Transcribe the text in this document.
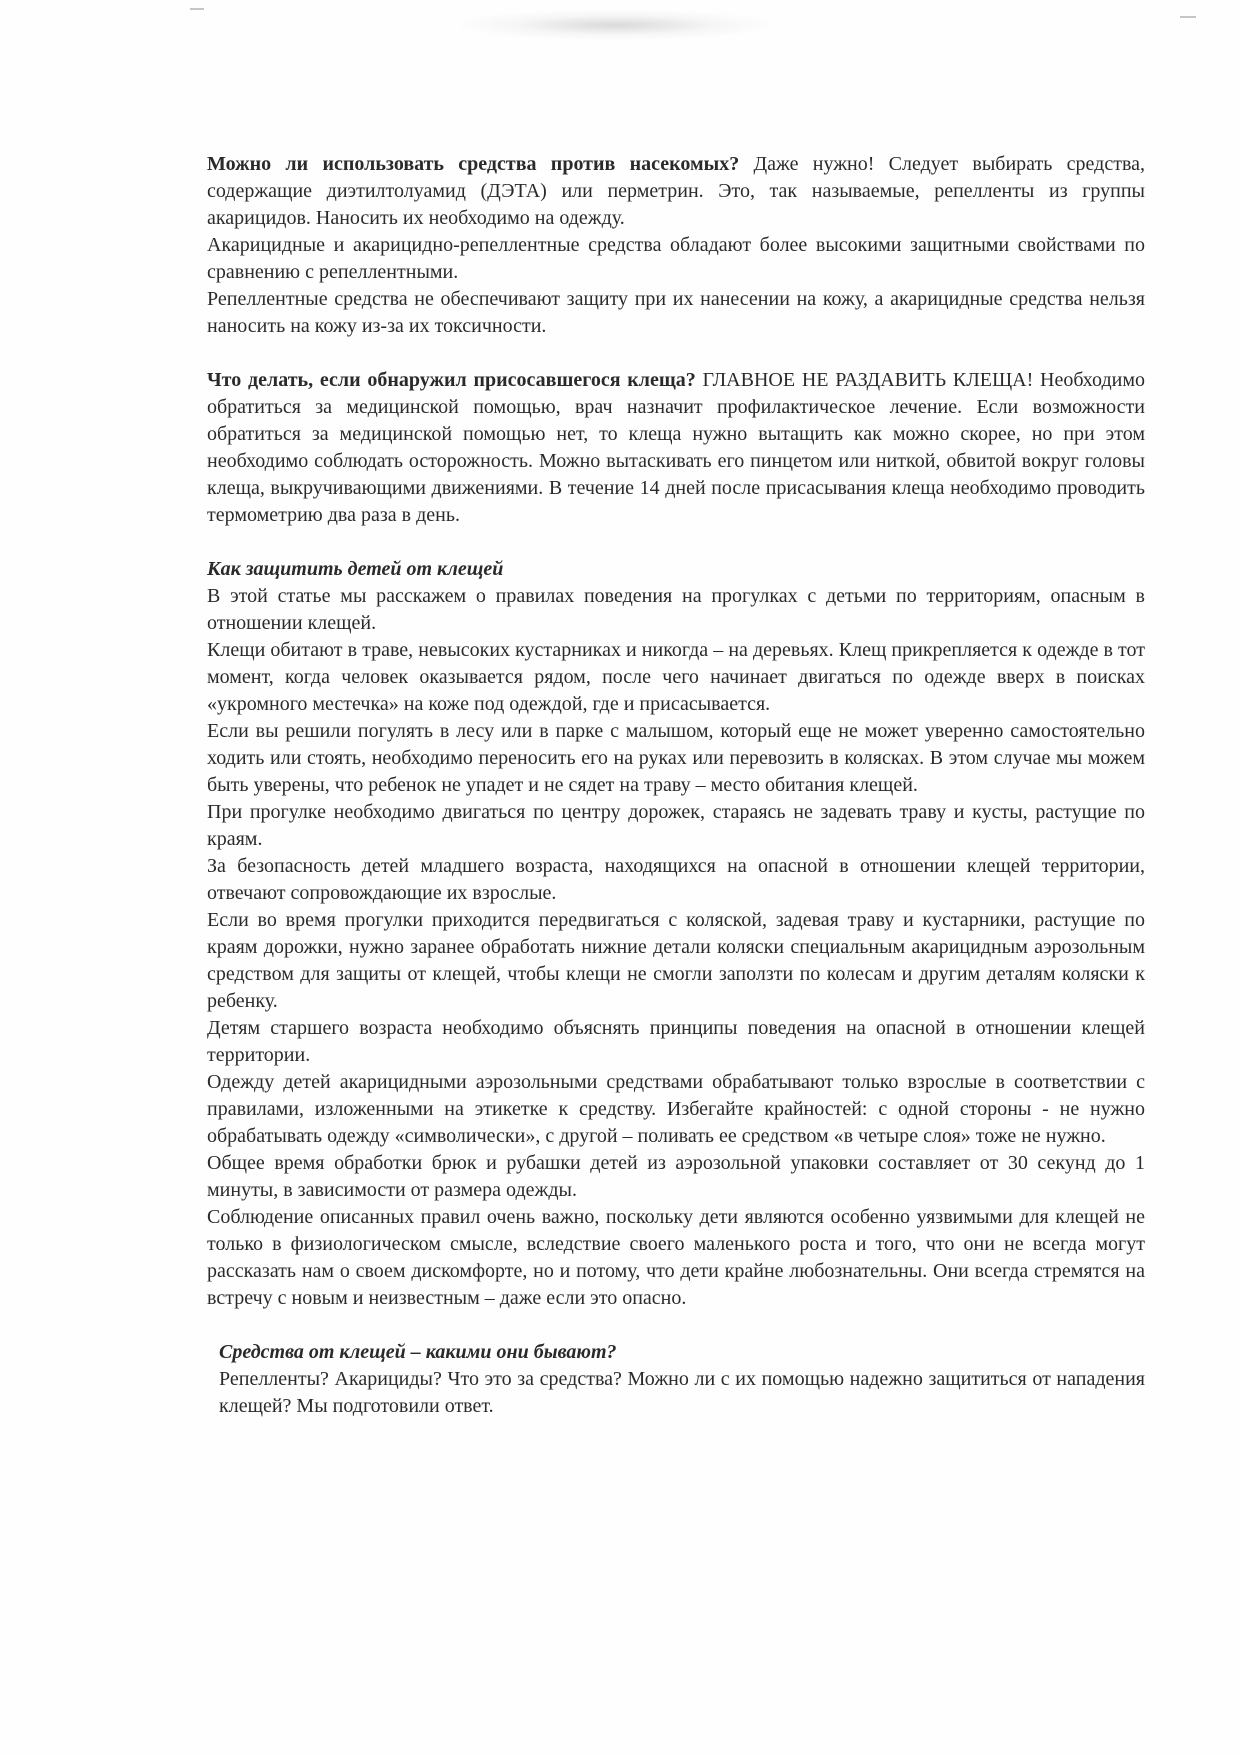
Можно ли использовать средства против насекомых? Даже нужно! Следует выбирать средства, содержащие диэтилтолуамид (ДЭТА) или перметрин. Это, так называемые, репелленты из группы акарицидов. Наносить их необходимо на одежду.

Акарицидные и акарицидно-репеллентные средства обладают более высокими защитными свойствами по сравнению с репеллентными.

Репеллентные средства не обеспечивают защиту при их нанесении на кожу, а акарицидные средства нельзя наносить на кожу из-за их токсичности.

Что делать, если обнаружил присосавшегося клеща? ГЛАВНОЕ НЕ РАЗДАВИТЬ КЛЕЩА! Необходимо обратиться за медицинской помощью, врач назначит профилактическое лечение. Если возможности обратиться за медицинской помощью нет, то клеща нужно вытащить как можно скорее, но при этом необходимо соблюдать осторожность. Можно вытаскивать его пинцетом или ниткой, обвитой вокруг головы клеща, выкручивающими движениями. В течение 14 дней после присасывания клеща необходимо проводить термометрию два раза в день.

Как защитить детей от клещей

В этой статье мы расскажем о правилах поведения на прогулках с детьми по территориям, опасным в отношении клещей.

Клещи обитают в траве, невысоких кустарниках и никогда – на деревьях. Клещ прикрепляется к одежде в тот момент, когда человек оказывается рядом, после чего начинает двигаться по одежде вверх в поисках «укромного местечка» на коже под одеждой, где и присасывается.

Если вы решили погулять в лесу или в парке с малышом, который еще не может уверенно самостоятельно ходить или стоять, необходимо переносить его на руках или перевозить в колясках. В этом случае мы можем быть уверены, что ребенок не упадет и не сядет на траву – место обитания клещей.

При прогулке необходимо двигаться по центру дорожек, стараясь не задевать траву и кусты, растущие по краям.

За безопасность детей младшего возраста, находящихся на опасной в отношении клещей территории, отвечают сопровождающие их взрослые.

Если во время прогулки приходится передвигаться с коляской, задевая траву и кустарники, растущие по краям дорожки, нужно заранее обработать нижние детали коляски специальным акарицидным аэрозольным средством для защиты от клещей, чтобы клещи не смогли заползти по колесам и другим деталям коляски к ребенку.

Детям старшего возраста необходимо объяснять принципы поведения на опасной в отношении клещей территории.

Одежду детей акарицидными аэрозольными средствами обрабатывают только взрослые в соответствии с правилами, изложенными на этикетке к средству. Избегайте крайностей: с одной стороны - не нужно обрабатывать одежду «символически», с другой – поливать ее средством «в четыре слоя» тоже не нужно.

Общее время обработки брюк и рубашки детей из аэрозольной упаковки составляет от 30 секунд до 1 минуты, в зависимости от размера одежды.

Соблюдение описанных правил очень важно, поскольку дети являются особенно уязвимыми для клещей не только в физиологическом смысле, вследствие своего маленького роста и того, что они не всегда могут рассказать нам о своем дискомфорте, но и потому, что дети крайне любознательны. Они всегда стремятся на встречу с новым и неизвестным – даже если это опасно.

Средства от клещей – какими они бывают?

Репелленты? Акарициды? Что это за средства? Можно ли с их помощью надежно защититься от нападения клещей? Мы подготовили ответ.
